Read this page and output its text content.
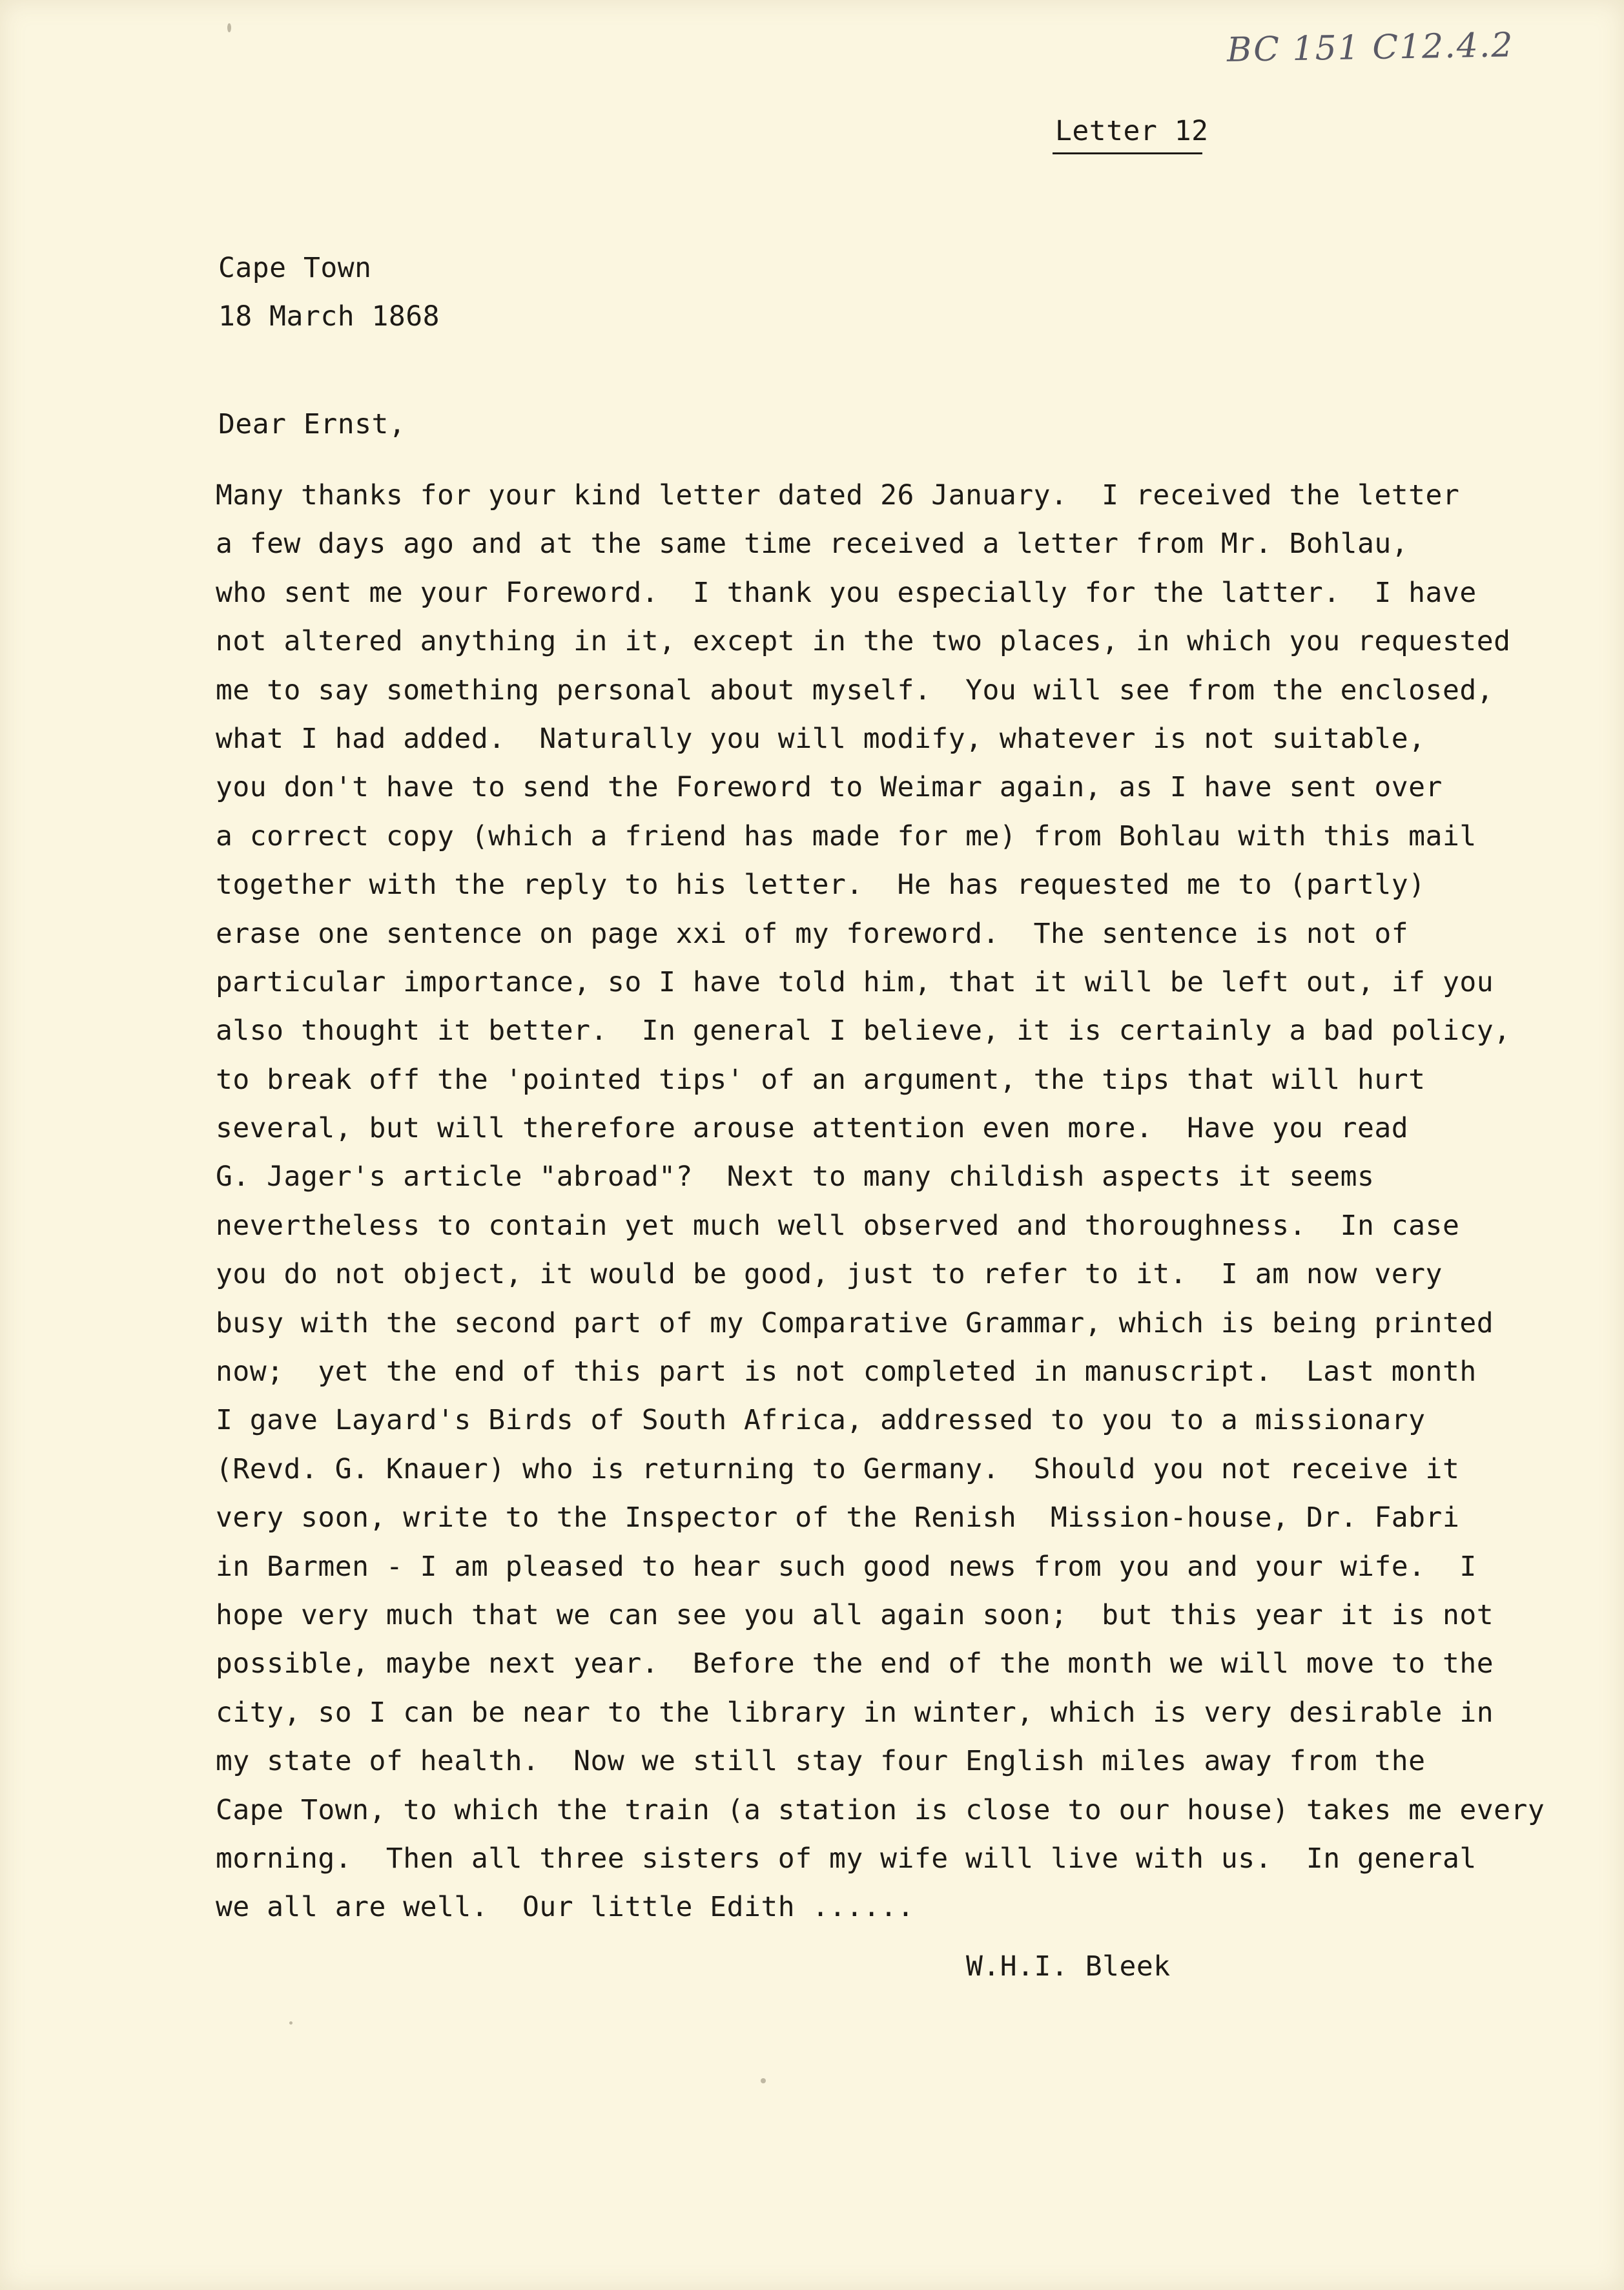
BC 151 C12.4.2
Letter 12
Cape Town
18 March 1868
Dear Ernst,
Many thanks for your kind letter dated 26 January.  I received the letter
a few days ago and at the same time received a letter from Mr. Bohlau,
who sent me your Foreword.  I thank you especially for the latter.  I have
not altered anything in it, except in the two places, in which you requested
me to say something personal about myself.  You will see from the enclosed,
what I had added.  Naturally you will modify, whatever is not suitable,
you don't have to send the Foreword to Weimar again, as I have sent over
a correct copy (which a friend has made for me) from Bohlau with this mail
together with the reply to his letter.  He has requested me to (partly)
erase one sentence on page xxi of my foreword.  The sentence is not of
particular importance, so I have told him, that it will be left out, if you
also thought it better.  In general I believe, it is certainly a bad policy,
to break off the 'pointed tips' of an argument, the tips that will hurt
several, but will therefore arouse attention even more.  Have you read
G. Jager's article "abroad"?  Next to many childish aspects it seems
nevertheless to contain yet much well observed and thoroughness.  In case
you do not object, it would be good, just to refer to it.  I am now very
busy with the second part of my Comparative Grammar, which is being printed
now;  yet the end of this part is not completed in manuscript.  Last month
I gave Layard's Birds of South Africa, addressed to you to a missionary
(Revd. G. Knauer) who is returning to Germany.  Should you not receive it
very soon, write to the Inspector of the Renish  Mission-house, Dr. Fabri
in Barmen - I am pleased to hear such good news from you and your wife.  I
hope very much that we can see you all again soon;  but this year it is not
possible, maybe next year.  Before the end of the month we will move to the
city, so I can be near to the library in winter, which is very desirable in
my state of health.  Now we still stay four English miles away from the
Cape Town, to which the train (a station is close to our house) takes me every
morning.  Then all three sisters of my wife will live with us.  In general
we all are well.  Our little Edith ......
W.H.I. Bleek
